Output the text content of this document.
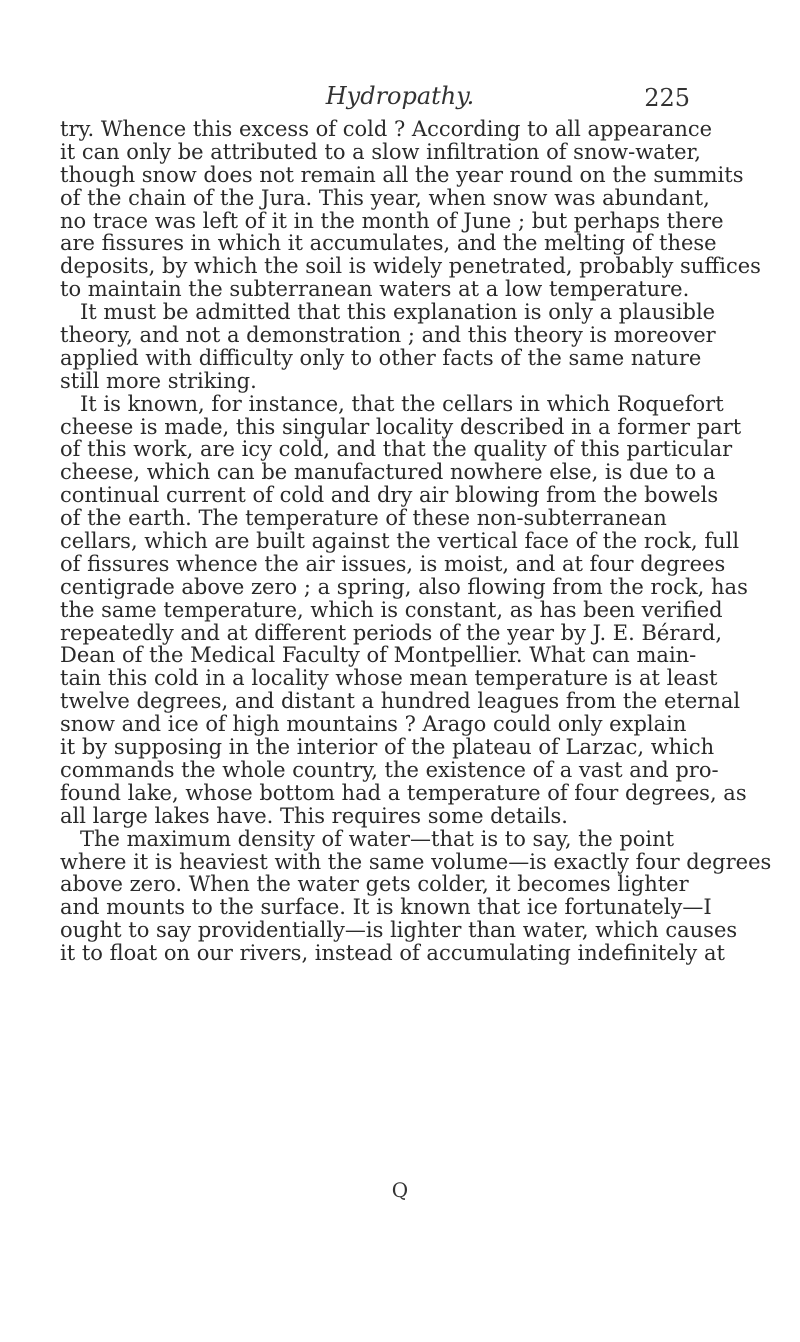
Hydropathy.	225
try. Whence this excess of cold ? According to all appearance
it can only be attributed to a slow infiltration of snow-water,
though snow does not remain all the year round on the summits
of the chain of the Jura. This year, when snow was abundant,
no trace was left of it in the month of June ; but perhaps there
are fissures in which it accumulates, and the melting of these
deposits, by which the soil is widely penetrated, probably suffices
to maintain the subterranean waters at a low temperature.
It must be admitted that this explanation is only a plausible
theory, and not a demonstration ; and this theory is moreover
applied with difficulty only to other facts of the same nature
still more striking.
It is known, for instance, that the cellars in which Roquefort
cheese is made, this singular locality described in a former part
of this work, are icy cold, and that the quality of this particular
cheese, which can be manufactured nowhere else, is due to a
continual current of cold and dry air blowing from the bowels
of the earth. The temperature of these non-subterranean
cellars, which are built against the vertical face of the rock, full
of fissures whence the air issues, is moist, and at four degrees
centigrade above zero ; a spring, also flowing from the rock, has
the same temperature, which is constant, as has been verified
repeatedly and at different periods of the year by J. E. Bérard,
Dean of the Medical Faculty of Montpellier. What can main-
tain this cold in a locality whose mean temperature is at least
twelve degrees, and distant a hundred leagues from the eternal
snow and ice of high mountains ? Arago could only explain
it by supposing in the interior of the plateau of Larzac, which
commands the whole country, the existence of a vast and pro-
found lake, whose bottom had a temperature of four degrees, as
all large lakes have. This requires some details.
The maximum density of water—that is to say, the point
where it is heaviest with the same volume—is exactly four degrees
above zero. When the water gets colder, it becomes lighter
and mounts to the surface. It is known that ice fortunately—I
ought to say providentially—is lighter than water, which causes
it to float on our rivers, instead of accumulating indefinitely at
Q
